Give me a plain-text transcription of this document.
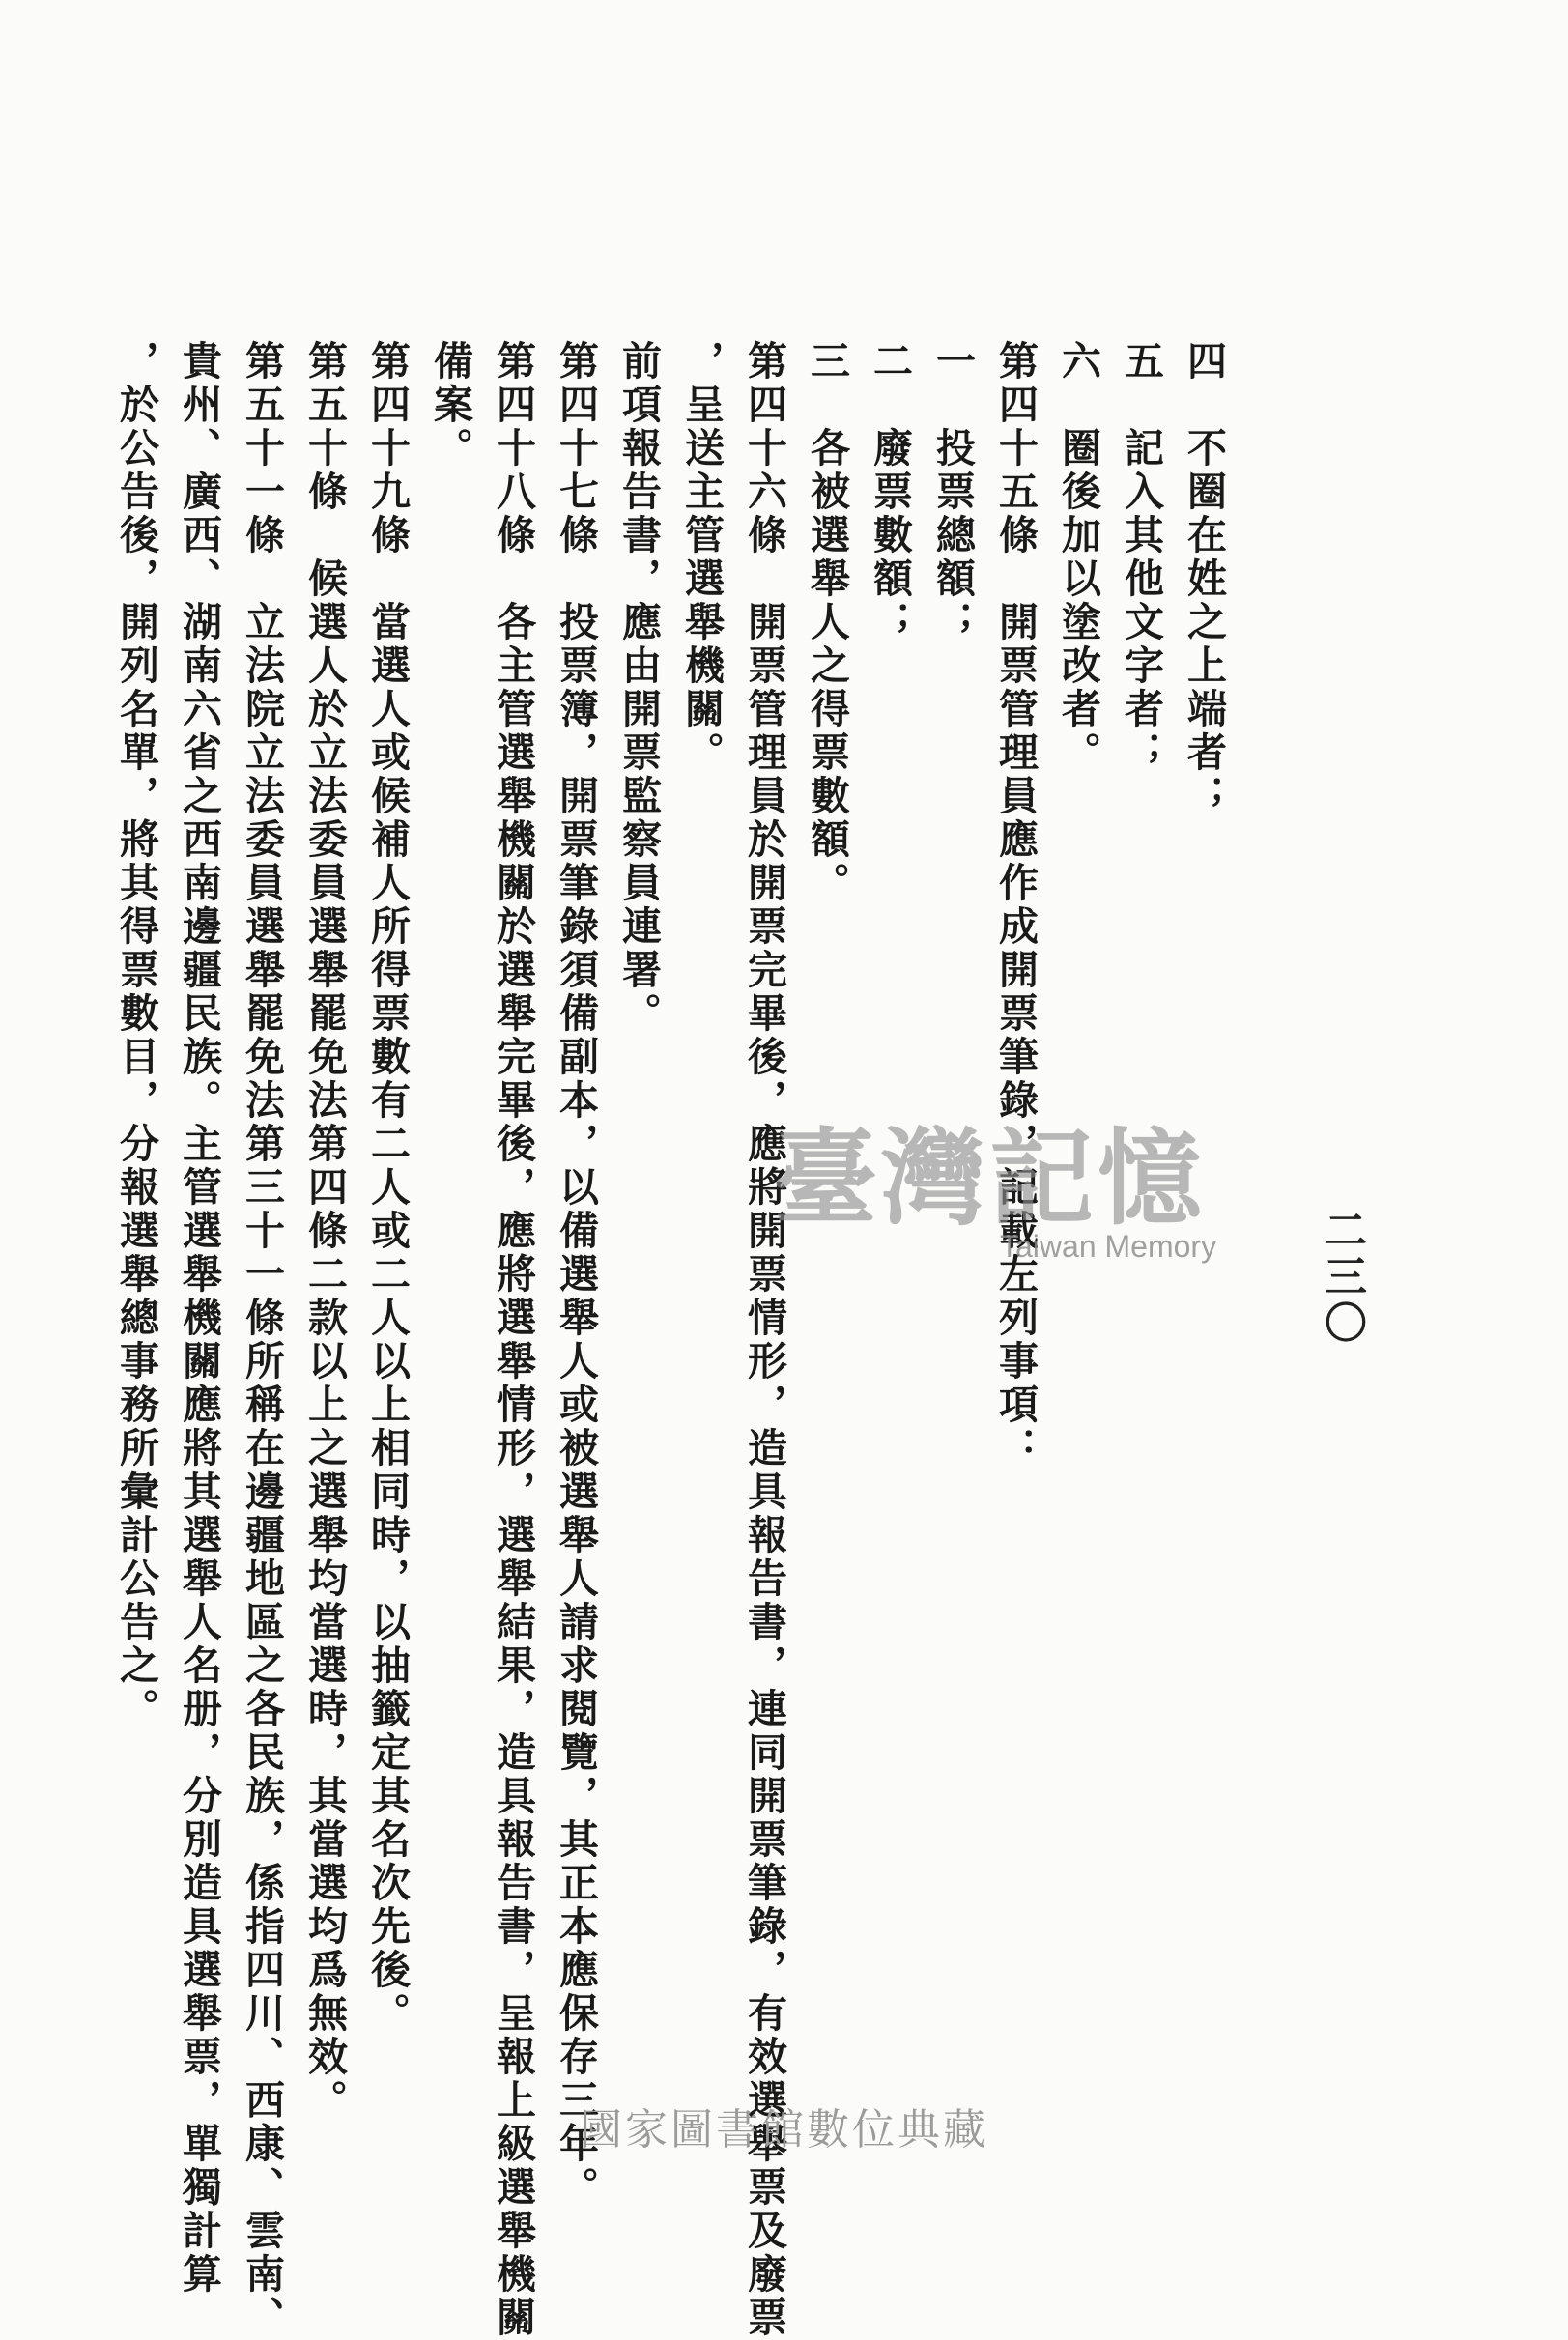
二三〇
四　不圈在姓之上端者；
五　記入其他文字者；
六　圈後加以塗改者。
第四十五條　開票管理員應作成開票筆錄，記載左列事項：
一　投票總額；
二　廢票數額；
三　各被選舉人之得票數額。
第四十六條　開票管理員於開票完畢後，應將開票情形，造具報告書，連同開票筆錄，有效選舉票及廢票
，呈送主管選舉機關。
前項報告書，應由開票監察員連署。
第四十七條　投票簿，開票筆錄須備副本，以備選舉人或被選舉人請求閱覽，其正本應保存三年。
第四十八條　各主管選舉機關於選舉完畢後，應將選舉情形，選舉結果，造具報告書，呈報上級選舉機關
備案。
第四十九條　當選人或候補人所得票數有二人或二人以上相同時，以抽籤定其名次先後。
第五十條　候選人於立法委員選舉罷免法第四條二款以上之選舉均當選時，其當選均爲無效。
第五十一條　立法院立法委員選舉罷免法第三十一條所稱在邊疆地區之各民族，係指四川、西康、雲南、
貴州、廣西、湖南六省之西南邊疆民族。主管選舉機關應將其選舉人名册，分別造具選舉票，單獨計算
，於公告後，開列名單，將其得票數目，分報選舉總事務所彙計公告之。	臺灣記憶
Taiwan Memory
國家圖書館數位典藏
